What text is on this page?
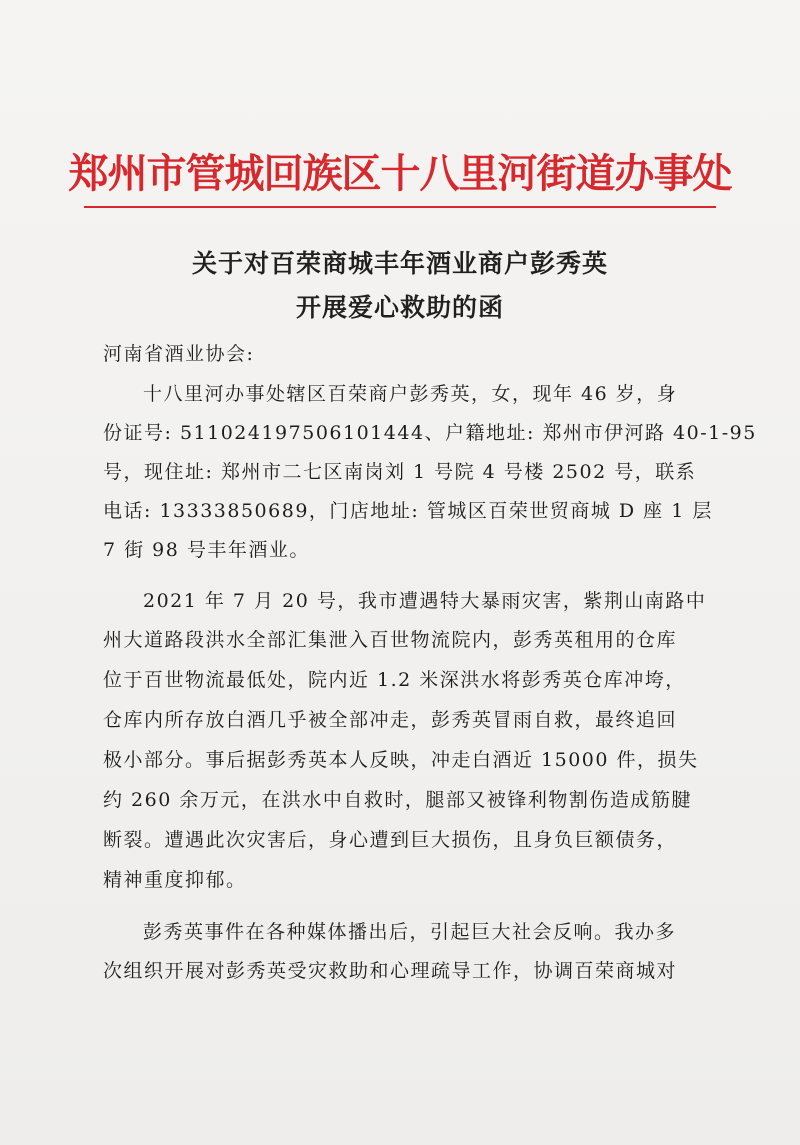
郑州市管城回族区十八里河街道办事处
关于对百荣商城丰年酒业商户彭秀英
开展爱心救助的函
河南省酒业协会:
十八里河办事处辖区百荣商户彭秀英，女，现年 46 岁，身
份证号: 511024197506101444、户籍地址: 郑州市伊河路 40-1-95
号，现住址: 郑州市二七区南岗刘 1 号院 4 号楼 2502 号，联系
电话: 13333850689，门店地址: 管城区百荣世贸商城 D 座 1 层
7 街 98 号丰年酒业。
2021 年 7 月 20 号，我市遭遇特大暴雨灾害，紫荆山南路中
州大道路段洪水全部汇集泄入百世物流院内，彭秀英租用的仓库
位于百世物流最低处，院内近 1.2 米深洪水将彭秀英仓库冲垮，
仓库内所存放白酒几乎被全部冲走，彭秀英冒雨自救，最终追回
极小部分。事后据彭秀英本人反映，冲走白酒近 15000 件，损失
约 260 余万元，在洪水中自救时，腿部又被锋利物割伤造成筋腱
断裂。遭遇此次灾害后，身心遭到巨大损伤，且身负巨额债务，
精神重度抑郁。
彭秀英事件在各种媒体播出后，引起巨大社会反响。我办多
次组织开展对彭秀英受灾救助和心理疏导工作，协调百荣商城对
